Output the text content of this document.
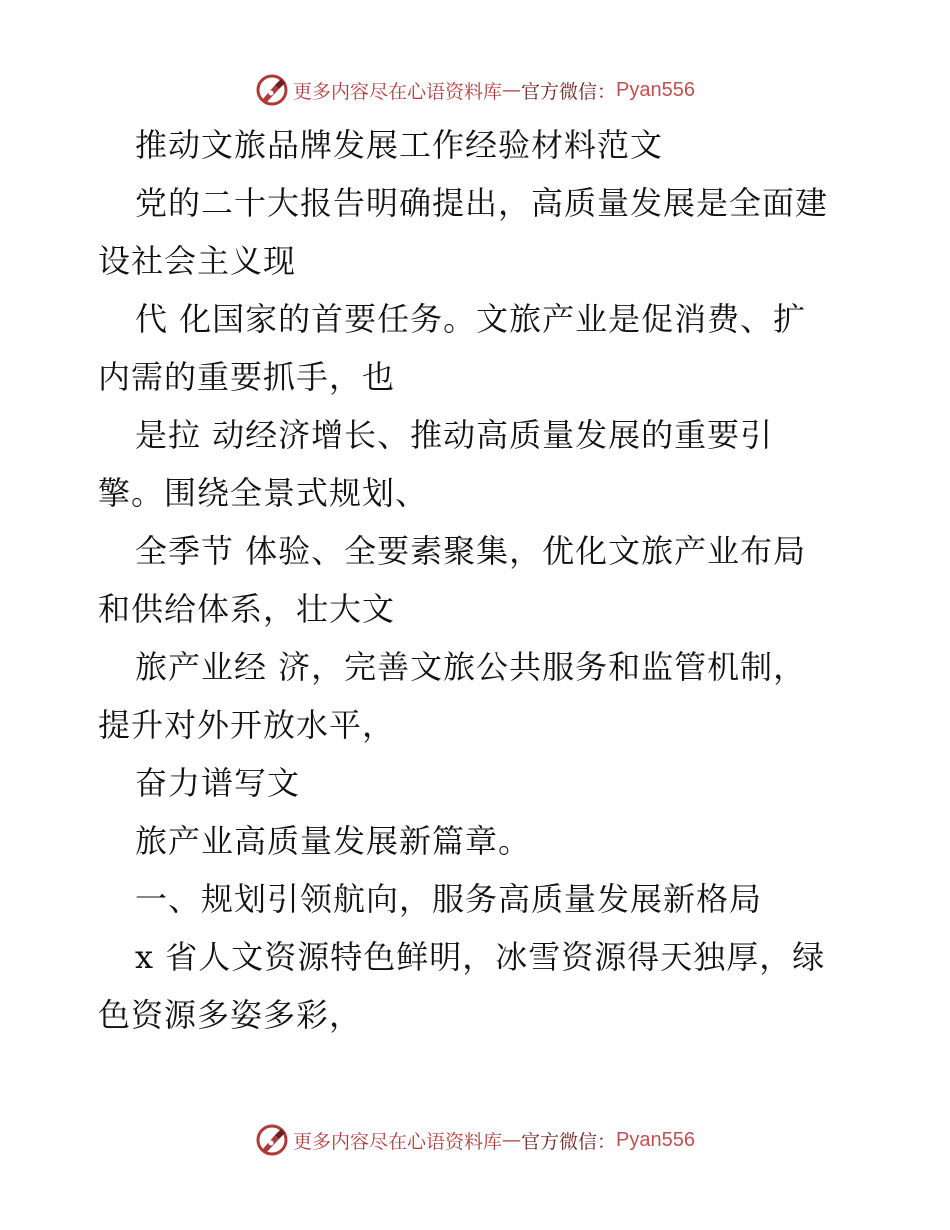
更多内容尽在心语资料库 — 官方微信： Pyan556
推动文旅品牌发展工作经验材料范文
党的二十大报告明确提出，高质量发展是全面建
设社会主义现
代 化国家的首要任务。文旅产业是促消费、扩
内需的重要抓手，也
是拉 动经济增长、推动高质量发展的重要引
擎。围绕全景式规划、
全季节 体验、全要素聚集，优化文旅产业布局
和供给体系，壮大文
旅产业经 济，完善文旅公共服务和监管机制，
提升对外开放水平，
奋力谱写文
旅产业高质量发展新篇章。
一、规划引领航向，服务高质量发展新格局
x 省人文资源特色鲜明，冰雪资源得天独厚，绿
色资源多姿多彩，
更多内容尽在心语资料库 — 官方微信： Pyan556
